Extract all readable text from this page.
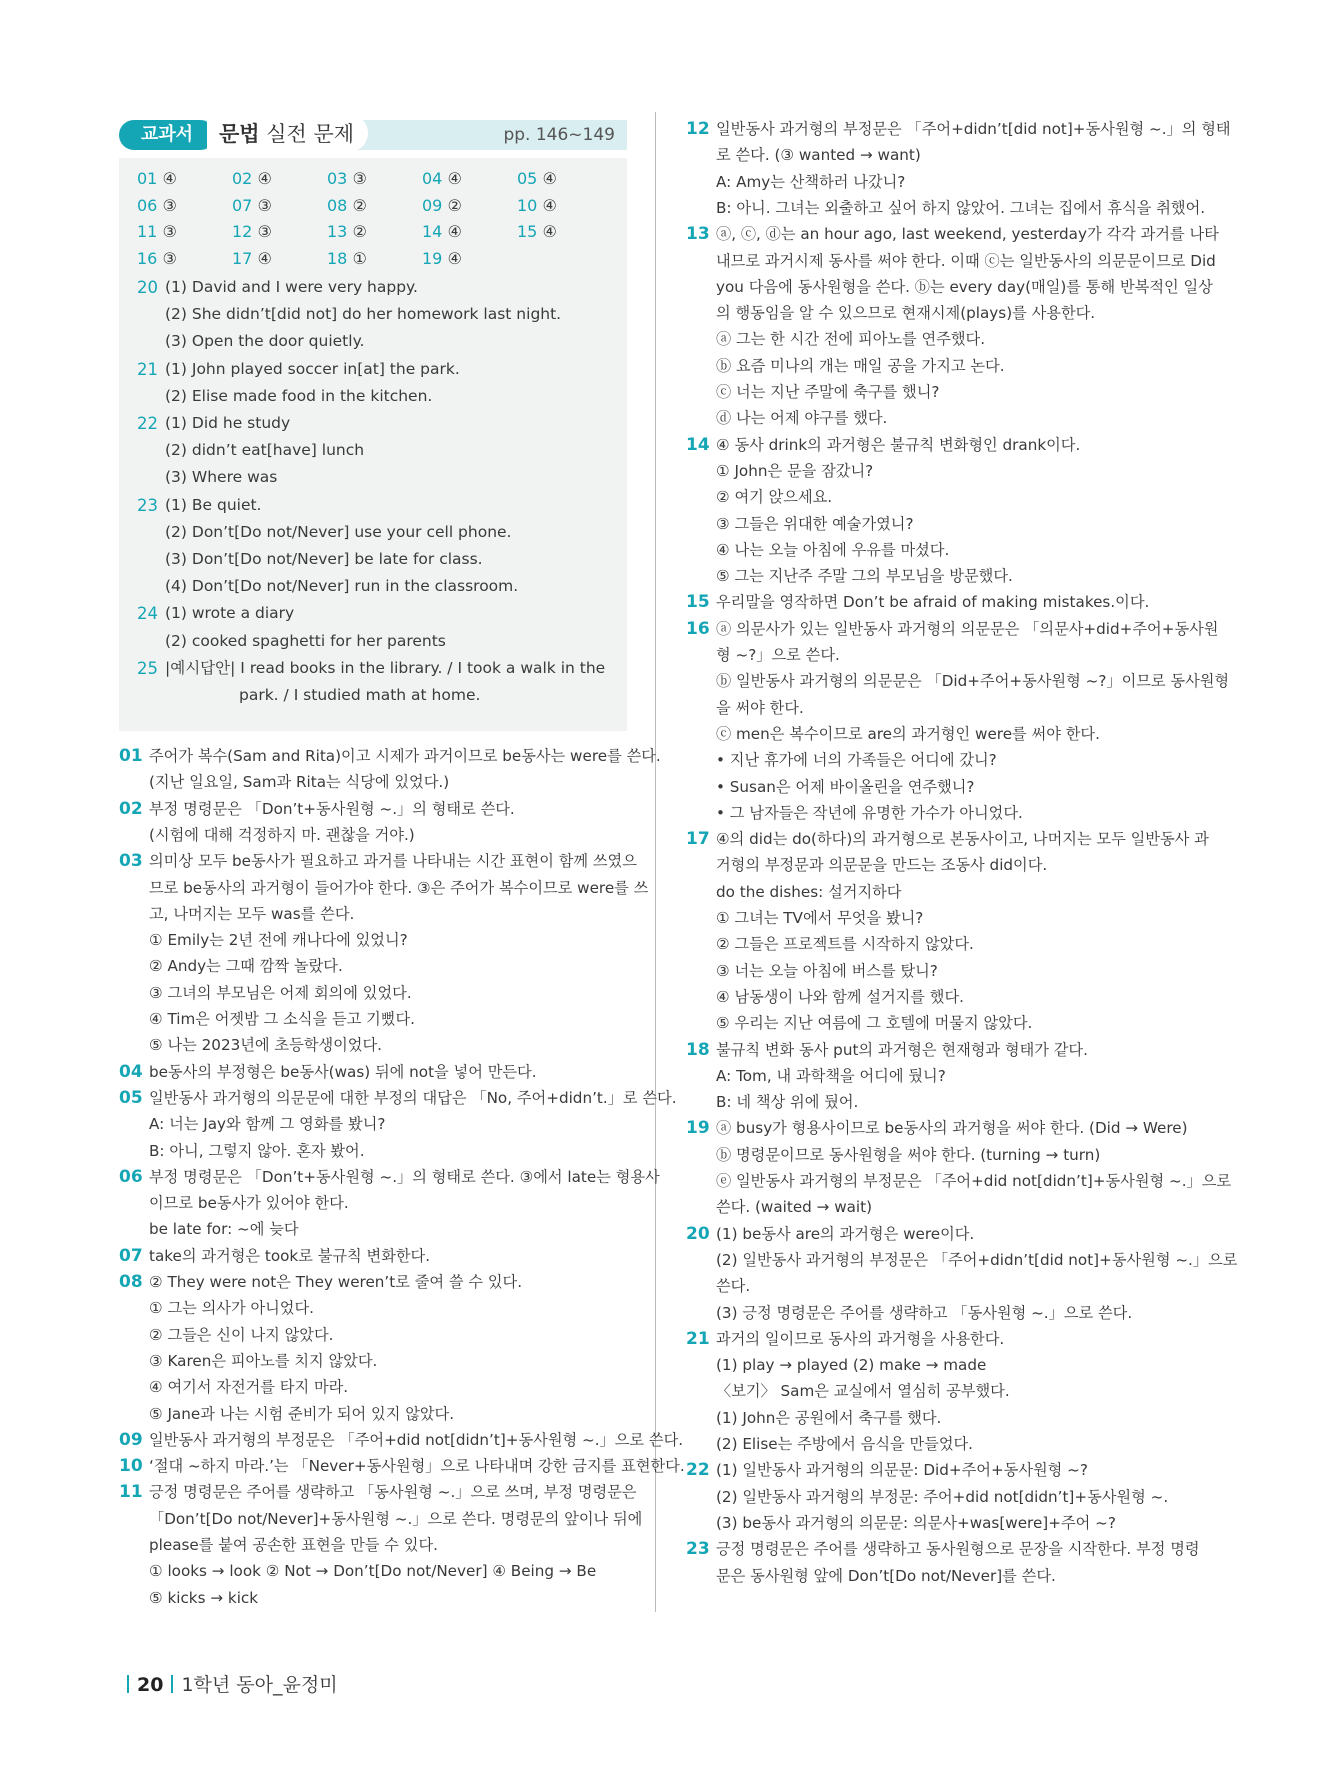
교과서	문법 실전 문제	pp. 146~149
01 ④	02 ④	03 ③	04 ④	05 ④
06 ③	07 ③	08 ②	09 ②	10 ④
11 ③	12 ③	13 ②	14 ④	15 ④
16 ③	17 ④	18 ①	19 ④
20 (1) David and I were very happy.
(2) She didn’t[did not] do her homework last night.
(3) Open the door quietly.
21 (1) John played soccer in[at] the park.
(2) Elise made food in the kitchen.
22 (1) Did he study
(2) didn’t eat[have] lunch
(3) Where was
23 (1) Be quiet.
(2) Don’t[Do not/Never] use your cell phone.
(3) Don’t[Do not/Never] be late for class.
(4) Don’t[Do not/Never] run in the classroom.
24 (1) wrote a diary
(2) cooked spaghetti for her parents
25 |예시답안| I read books in the library. / I took a walk in the
park. / I studied math at home.
01 주어가 복수(Sam and Rita)이고 시제가 과거이므로 be동사는 were를 쓴다.
(지난 일요일, Sam과 Rita는 식당에 있었다.)
02 부정 명령문은 「Don’t+동사원형 ~.」의 형태로 쓴다.
(시험에 대해 걱정하지 마. 괜찮을 거야.)
03 의미상 모두 be동사가 필요하고 과거를 나타내는 시간 표현이 함께 쓰였으
므로 be동사의 과거형이 들어가야 한다. ③은 주어가 복수이므로 were를 쓰
고, 나머지는 모두 was를 쓴다.
① Emily는 2년 전에 캐나다에 있었니?
② Andy는 그때 깜짝 놀랐다.
③ 그녀의 부모님은 어제 회의에 있었다.
④ Tim은 어젯밤 그 소식을 듣고 기뻤다.
⑤ 나는 2023년에 초등학생이었다.
04 be동사의 부정형은 be동사(was) 뒤에 not을 넣어 만든다.
05 일반동사 과거형의 의문문에 대한 부정의 대답은 「No, 주어+didn’t.」로 쓴다.
A: 너는 Jay와 함께 그 영화를 봤니?
B: 아니, 그렇지 않아. 혼자 봤어.
06 부정 명령문은 「Don’t+동사원형 ~.」의 형태로 쓴다. ③에서 late는 형용사
이므로 be동사가 있어야 한다.
be late for: ~에 늦다
07 take의 과거형은 took로 불규칙 변화한다.
08 ② They were not은 They weren’t로 줄여 쓸 수 있다.
① 그는 의사가 아니었다.
② 그들은 신이 나지 않았다.
③ Karen은 피아노를 치지 않았다.
④ 여기서 자전거를 타지 마라.
⑤ Jane과 나는 시험 준비가 되어 있지 않았다.
09 일반동사 과거형의 부정문은 「주어+did not[didn’t]+동사원형 ~.」으로 쓴다.
10 ‘절대 ~하지 마라.’는 「Never+동사원형」으로 나타내며 강한 금지를 표현한다.
11 긍정 명령문은 주어를 생략하고 「동사원형 ~.」으로 쓰며, 부정 명령문은
「Don’t[Do not/Never]+동사원형 ~.」으로 쓴다. 명령문의 앞이나 뒤에
please를 붙여 공손한 표현을 만들 수 있다.
① looks → look ② Not → Don’t[Do not/Never] ④ Being → Be
⑤ kicks → kick
12 일반동사 과거형의 부정문은 「주어+didn’t[did not]+동사원형 ~.」의 형태
로 쓴다. (③ wanted → want)
A: Amy는 산책하러 나갔니?
B: 아니. 그녀는 외출하고 싶어 하지 않았어. 그녀는 집에서 휴식을 취했어.
13 ⓐ, ⓒ, ⓓ는 an hour ago, last weekend, yesterday가 각각 과거를 나타
내므로 과거시제 동사를 써야 한다. 이때 ⓒ는 일반동사의 의문문이므로 Did
you 다음에 동사원형을 쓴다. ⓑ는 every day(매일)를 통해 반복적인 일상
의 행동임을 알 수 있으므로 현재시제(plays)를 사용한다.
ⓐ 그는 한 시간 전에 피아노를 연주했다.
ⓑ 요즘 미나의 개는 매일 공을 가지고 논다.
ⓒ 너는 지난 주말에 축구를 했니?
ⓓ 나는 어제 야구를 했다.
14 ④ 동사 drink의 과거형은 불규칙 변화형인 drank이다.
① John은 문을 잠갔니?
② 여기 앉으세요.
③ 그들은 위대한 예술가였니?
④ 나는 오늘 아침에 우유를 마셨다.
⑤ 그는 지난주 주말 그의 부모님을 방문했다.
15 우리말을 영작하면 Don’t be afraid of making mistakes.이다.
16 ⓐ 의문사가 있는 일반동사 과거형의 의문문은 「의문사+did+주어+동사원
형 ~?」으로 쓴다.
ⓑ 일반동사 과거형의 의문문은 「Did+주어+동사원형 ~?」이므로 동사원형
을 써야 한다.
ⓒ men은 복수이므로 are의 과거형인 were를 써야 한다.
• 지난 휴가에 너의 가족들은 어디에 갔니?
• Susan은 어제 바이올린을 연주했니?
• 그 남자들은 작년에 유명한 가수가 아니었다.
17 ④의 did는 do(하다)의 과거형으로 본동사이고, 나머지는 모두 일반동사 과
거형의 부정문과 의문문을 만드는 조동사 did이다.
do the dishes: 설거지하다
① 그녀는 TV에서 무엇을 봤니?
② 그들은 프로젝트를 시작하지 않았다.
③ 너는 오늘 아침에 버스를 탔니?
④ 남동생이 나와 함께 설거지를 했다.
⑤ 우리는 지난 여름에 그 호텔에 머물지 않았다.
18 불규칙 변화 동사 put의 과거형은 현재형과 형태가 같다.
A: Tom, 내 과학책을 어디에 뒀니?
B: 네 책상 위에 뒀어.
19 ⓐ busy가 형용사이므로 be동사의 과거형을 써야 한다. (Did → Were)
ⓑ 명령문이므로 동사원형을 써야 한다. (turning → turn)
ⓔ 일반동사 과거형의 부정문은 「주어+did not[didn’t]+동사원형 ~.」으로
쓴다. (waited → wait)
20 (1) be동사 are의 과거형은 were이다.
(2) 일반동사 과거형의 부정문은 「주어+didn’t[did not]+동사원형 ~.」으로
쓴다.
(3) 긍정 명령문은 주어를 생략하고 「동사원형 ~.」으로 쓴다.
21 과거의 일이므로 동사의 과거형을 사용한다.
(1) play → played (2) make → made
〈보기〉 Sam은 교실에서 열심히 공부했다.
(1) John은 공원에서 축구를 했다.
(2) Elise는 주방에서 음식을 만들었다.
22 (1) 일반동사 과거형의 의문문: Did+주어+동사원형 ~?
(2) 일반동사 과거형의 부정문: 주어+did not[didn’t]+동사원형 ~.
(3) be동사 과거형의 의문문: 의문사+was[were]+주어 ~?
23 긍정 명령문은 주어를 생략하고 동사원형으로 문장을 시작한다. 부정 명령
문은 동사원형 앞에 Don’t[Do not/Never]를 쓴다.
20 1학년 동아_윤정미
